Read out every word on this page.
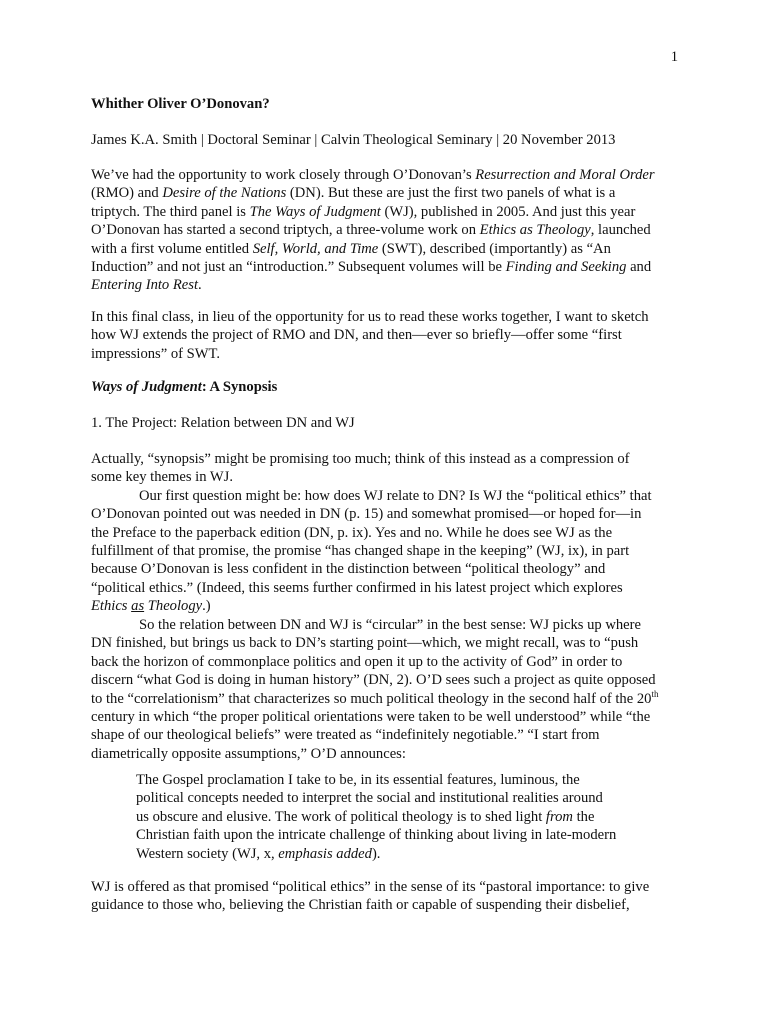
1
Whither Oliver O’Donovan?
James K.A. Smith | Doctoral Seminar | Calvin Theological Seminary | 20 November 2013
We’ve had the opportunity to work closely through O’Donovan’s Resurrection and Moral Order
(RMO) and Desire of the Nations (DN). But these are just the first two panels of what is a
triptych. The third panel is The Ways of Judgment (WJ), published in 2005. And just this year
O’Donovan has started a second triptych, a three-volume work on Ethics as Theology, launched
with a first volume entitled Self, World, and Time (SWT), described (importantly) as “An
Induction” and not just an “introduction.” Subsequent volumes will be Finding and Seeking and
Entering Into Rest.
In this final class, in lieu of the opportunity for us to read these works together, I want to sketch
how WJ extends the project of RMO and DN, and then—ever so briefly—offer some “first
impressions” of SWT.
Ways of Judgment: A Synopsis
1. The Project: Relation between DN and WJ
Actually, “synopsis” might be promising too much; think of this instead as a compression of
some key themes in WJ.
Our first question might be: how does WJ relate to DN? Is WJ the “political ethics” that
O’Donovan pointed out was needed in DN (p. 15) and somewhat promised—or hoped for—in
the Preface to the paperback edition (DN, p. ix). Yes and no. While he does see WJ as the
fulfillment of that promise, the promise “has changed shape in the keeping” (WJ, ix), in part
because O’Donovan is less confident in the distinction between “political theology” and
“political ethics.” (Indeed, this seems further confirmed in his latest project which explores
Ethics as Theology.)
So the relation between DN and WJ is “circular” in the best sense: WJ picks up where
DN finished, but brings us back to DN’s starting point—which, we might recall, was to “push
back the horizon of commonplace politics and open it up to the activity of God” in order to
discern “what God is doing in human history” (DN, 2). O’D sees such a project as quite opposed
to the “correlationism” that characterizes so much political theology in the second half of the 20th
century in which “the proper political orientations were taken to be well understood” while “the
shape of our theological beliefs” were treated as “indefinitely negotiable.” “I start from
diametrically opposite assumptions,” O’D announces:
The Gospel proclamation I take to be, in its essential features, luminous, the
political concepts needed to interpret the social and institutional realities around
us obscure and elusive. The work of political theology is to shed light from the
Christian faith upon the intricate challenge of thinking about living in late-modern
Western society (WJ, x, emphasis added).
WJ is offered as that promised “political ethics” in the sense of its “pastoral importance: to give
guidance to those who, believing the Christian faith or capable of suspending their disbelief,
